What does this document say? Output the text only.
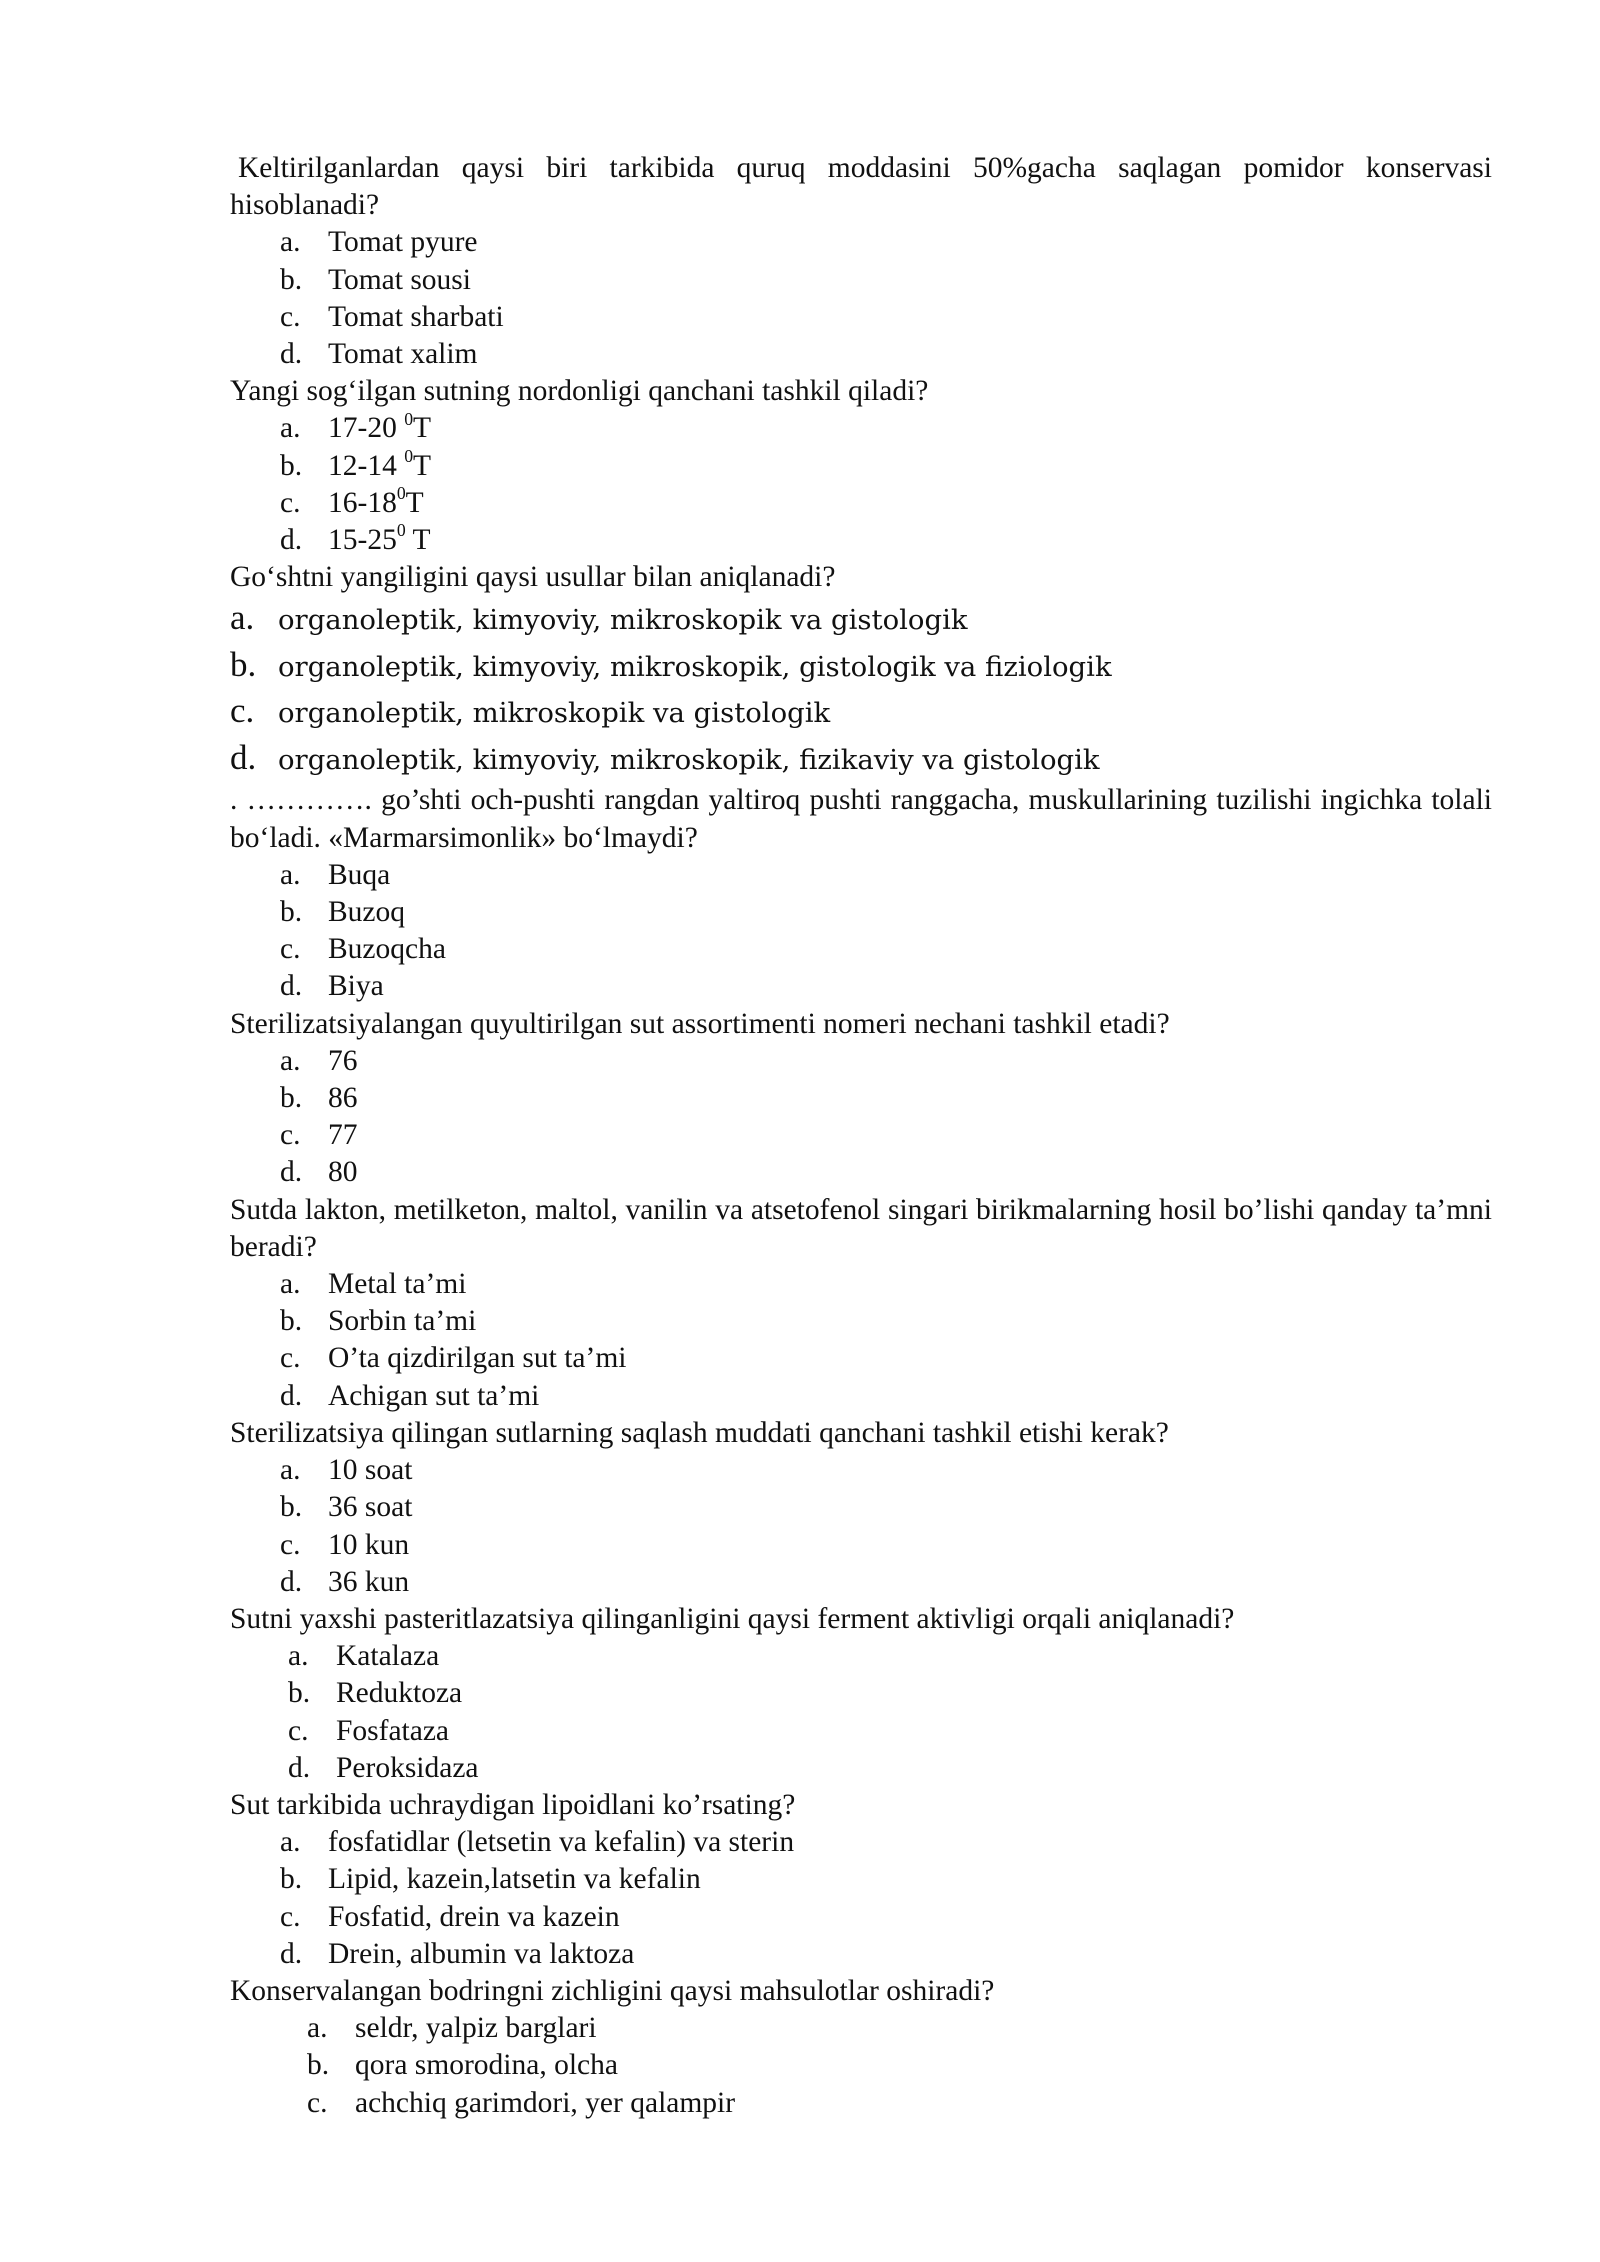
Keltirilganlardan qaysi biri tarkibida quruq moddasini 50%gacha saqlagan pomidor konservasi hisoblanadi?

a. Tomat pyure
b. Tomat sousi
c. Tomat sharbati
d. Tomat xalim

Yangi sog‘ilgan sutning nordonligi qanchani tashkil qiladi?

a. 17-20 $^0$T
b. 12-14 $^0$T
c. $16-18^0T$
d. $15-25^0$ T

Go‘shtni yangiligini qaysi usullar bilan aniqlanadi?

a. organoleptik, kimyoviy, mikroskopik va gistologik
b. organoleptik, kimyoviy, mikroskopik, gistologik va fiziologik
c. organoleptik, mikroskopik va gistologik
d. organoleptik, kimyoviy, mikroskopik, fizikaviy va gistologik

. …………. go’shti och-pushti rangdan yaltiroq pushti ranggacha, muskullarining tuzilishi ingichka tolali bo‘ladi. «Marmarsimonlik» bo‘lmaydi?

a. Buqa
b. Buzoq
c. Buzoqcha
d. Biya

Sterilizatsiyalangan quyultirilgan sut assortimenti nomeri nechani tashkil etadi?

a. 76
b. 86
c. 77
d. 80

Sutda lakton, metilketon, maltol, vanilin va atsetofenol singari birikmalarning hosil bo’lishi qanday ta’mni beradi?

a. Metal ta’mi
b. Sorbin ta’mi
c. O’ta qizdirilgan sut ta’mi
d. Achigan sut ta’mi

Sterilizatsiya qilingan sutlarning saqlash muddati qanchani tashkil etishi kerak?

a. 10 soat
b. 36 soat
c. 10 kun
d. 36 kun

Sutni yaxshi pasteritlazatsiya qilinganligini qaysi ferment aktivligi orqali aniqlanadi?

a. Katalaza
b. Reduktoza
c. Fosfataza
d. Peroksidaza

Sut tarkibida uchraydigan lipoidlani ko’rsating?

a. fosfatidlar (letsetin va kefalin) va sterin
b. Lipid, kazein,latsetin va kefalin
c. Fosfatid, drein va kazein
d. Drein, albumin va laktoza

Konservalangan bodringni zichligini qaysi mahsulotlar oshiradi?

a. seldr, yalpiz barglari
b. qora smorodina, olcha
c. achchiq garimdori, yer qalampir
